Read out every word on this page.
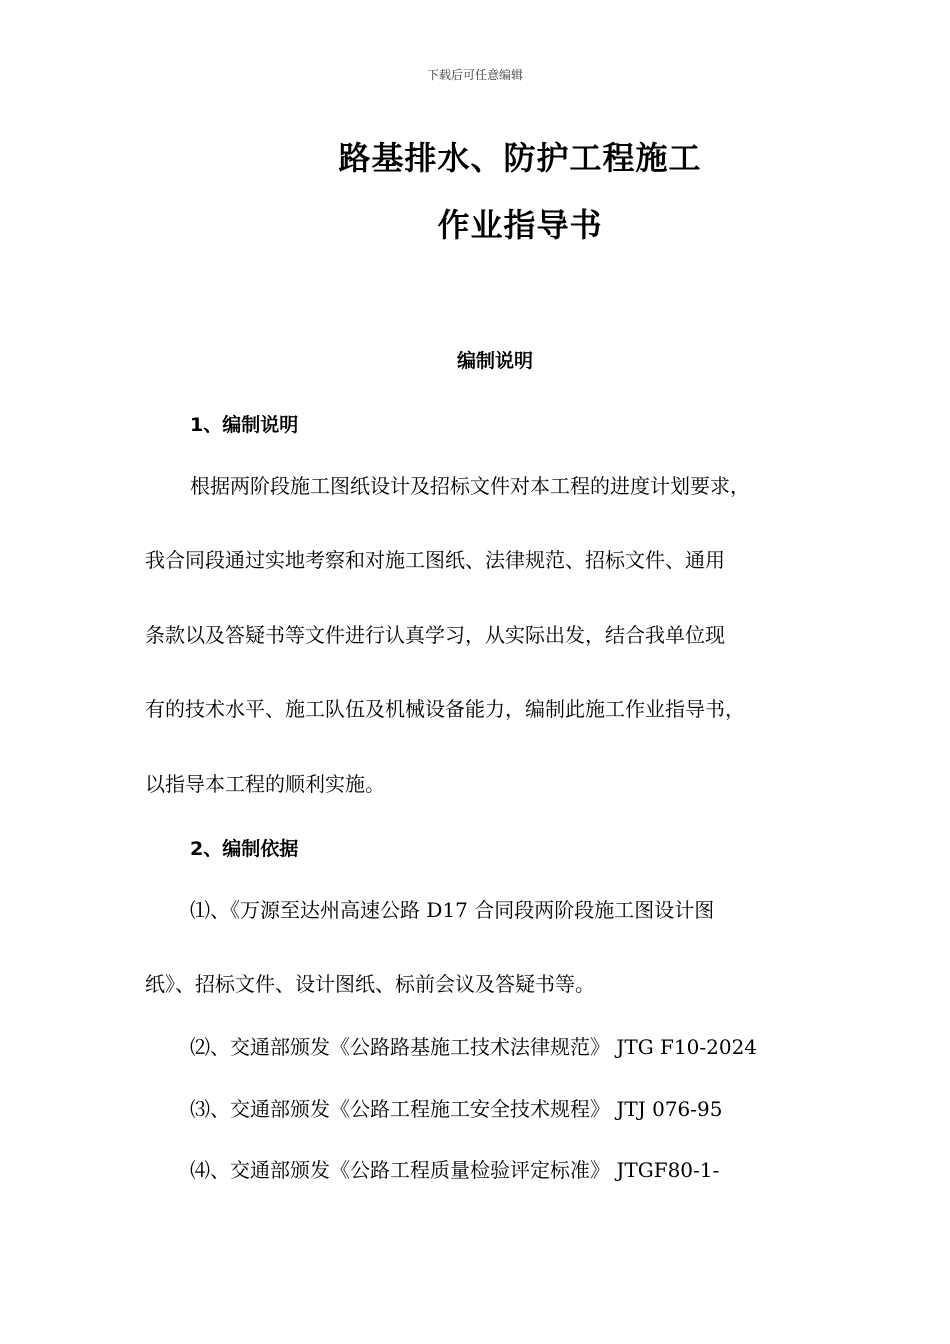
下载后可任意编辑
路基排水、防护工程施工
作业指导书
编制说明
1、编制说明
根据两阶段施工图纸设计及招标文件对本工程的进度计划要求，
我合同段通过实地考察和对施工图纸、法律规范、招标文件、通用
条款以及答疑书等文件进行认真学习，从实际出发，结合我单位现
有的技术水平、施工队伍及机械设备能力，编制此施工作业指导书，
以指导本工程的顺利实施。
2、编制依据
⑴、《万源至达州高速公路 D17 合同段两阶段施工图设计图
纸》、招标文件、设计图纸、标前会议及答疑书等。
⑵、交通部颁发《公路路基施工技术法律规范》 JTG F10-2024
⑶、交通部颁发《公路工程施工安全技术规程》 JTJ 076-95
⑷、交通部颁发《公路工程质量检验评定标准》 JTGF80-1-
